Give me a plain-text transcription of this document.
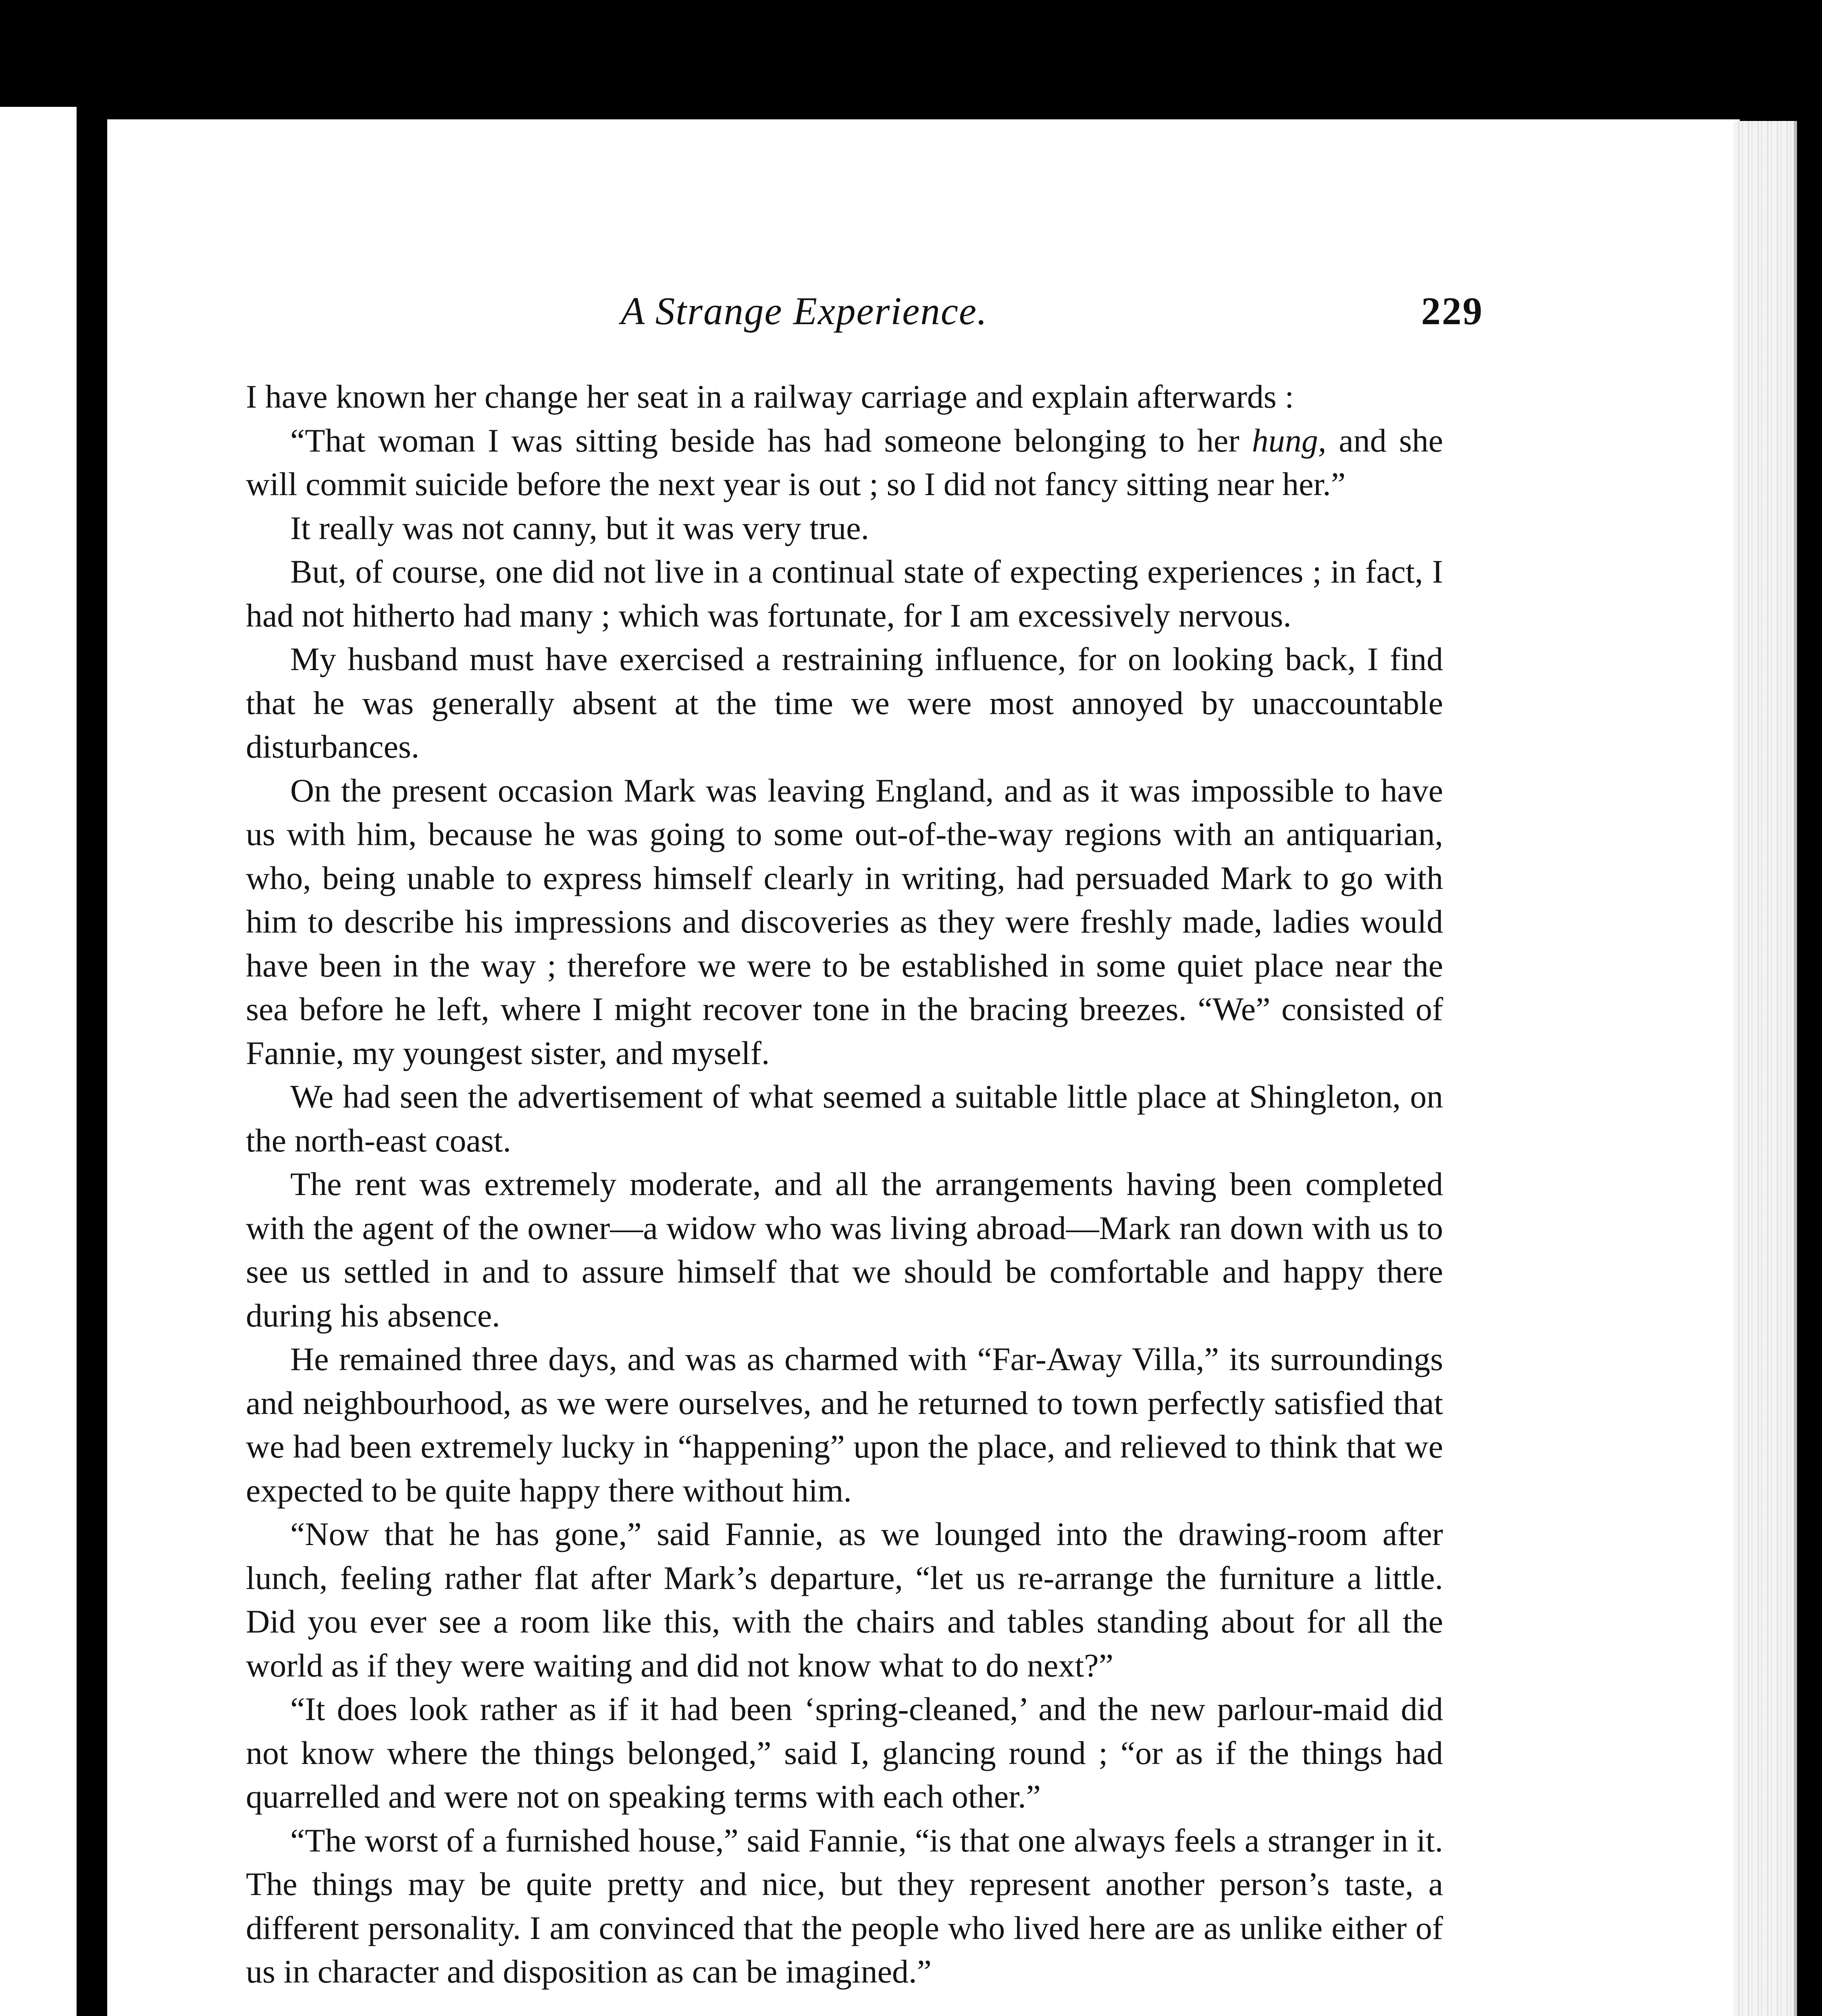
A Strange Experience.	229

I have known her change her seat in a railway carriage and explain afterwards :

“That woman I was sitting beside has had someone belonging to her hung, and she will commit suicide before the next year is out ; so I did not fancy sitting near her.”

It really was not canny, but it was very true.

But, of course, one did not live in a continual state of expecting experiences ; in fact, I had not hitherto had many ; which was fortunate, for I am excessively nervous.

My husband must have exercised a restraining influence, for on looking back, I find that he was generally absent at the time we were most annoyed by unaccountable disturbances.

On the present occasion Mark was leaving England, and as it was impossible to have us with him, because he was going to some out-of-the-way regions with an antiquarian, who, being unable to express himself clearly in writing, had persuaded Mark to go with him to describe his impressions and discoveries as they were freshly made, ladies would have been in the way ; therefore we were to be established in some quiet place near the sea before he left, where I might recover tone in the bracing breezes. “We” consisted of Fannie, my youngest sister, and myself.

We had seen the advertisement of what seemed a suitable little place at Shingleton, on the north-east coast.

The rent was extremely moderate, and all the arrangements having been completed with the agent of the owner—a widow who was living abroad—Mark ran down with us to see us settled in and to assure himself that we should be comfortable and happy there during his absence.

He remained three days, and was as charmed with “Far-Away Villa,” its surroundings and neighbourhood, as we were ourselves, and he returned to town perfectly satisfied that we had been extremely lucky in “happening” upon the place, and relieved to think that we expected to be quite happy there without him.

“Now that he has gone,” said Fannie, as we lounged into the drawing-room after lunch, feeling rather flat after Mark’s departure, “let us re-arrange the furniture a little. Did you ever see a room like this, with the chairs and tables standing about for all the world as if they were waiting and did not know what to do next?”

“It does look rather as if it had been ‘spring-cleaned,’ and the new parlour-maid did not know where the things belonged,” said I, glancing round ; “or as if the things had quarrelled and were not on speaking terms with each other.”

“The worst of a furnished house,” said Fannie, “is that one always feels a stranger in it. The things may be quite pretty and nice, but they represent another person’s taste, a different personality. I am convinced that the people who lived here are as unlike either of us in character and disposition as can be imagined.”
